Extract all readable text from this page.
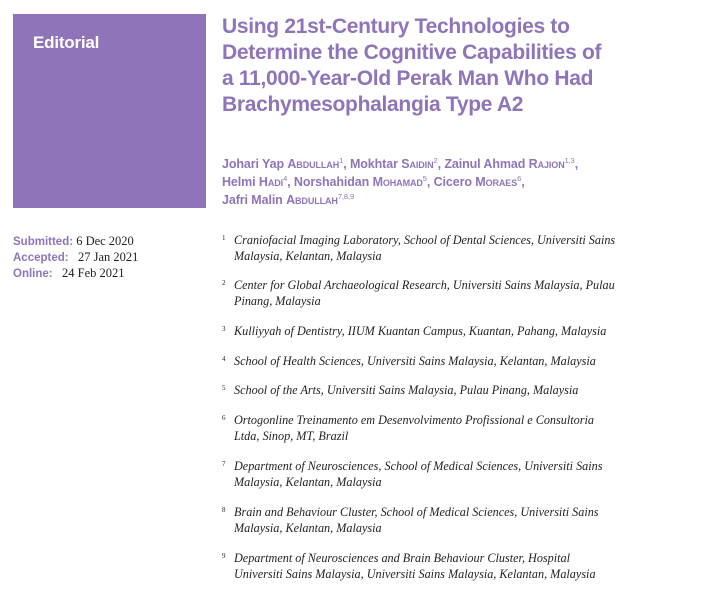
Editorial
Using 21st-Century Technologies to
Determine the Cognitive Capabilities of
a 11,000-Year-Old Perak Man Who Had
Brachymesophalangia Type A2
Johari Yap Abdullah$^1$, Mokhtar Saidin$^2$, Zainul Ahmad Rajion$^{1,3}$,
Helmi Hadi$^4$, Norshahidan Mohamad$^5$, Cicero Moraes$^6$,
Jafri Malin Abdullah$^{7,8,9}$
Submitted: 6 Dec 2020
Accepted: 27 Jan 2021
Online: 24 Feb 2021
1 Craniofacial Imaging Laboratory, School of Dental Sciences, Universiti Sains
Malaysia, Kelantan, Malaysia
2 Center for Global Archaeological Research, Universiti Sains Malaysia, Pulau
Pinang, Malaysia
3 Kulliyyah of Dentistry, IIUM Kuantan Campus, Kuantan, Pahang, Malaysia
4 School of Health Sciences, Universiti Sains Malaysia, Kelantan, Malaysia
5 School of the Arts, Universiti Sains Malaysia, Pulau Pinang, Malaysia
6 Ortogonline Treinamento em Desenvolvimento Profissional e Consultoria
Ltda, Sinop, MT, Brazil
7 Department of Neurosciences, School of Medical Sciences, Universiti Sains
Malaysia, Kelantan, Malaysia
8 Brain and Behaviour Cluster, School of Medical Sciences, Universiti Sains
Malaysia, Kelantan, Malaysia
9 Department of Neurosciences and Brain Behaviour Cluster, Hospital
Universiti Sains Malaysia, Universiti Sains Malaysia, Kelantan, Malaysia
